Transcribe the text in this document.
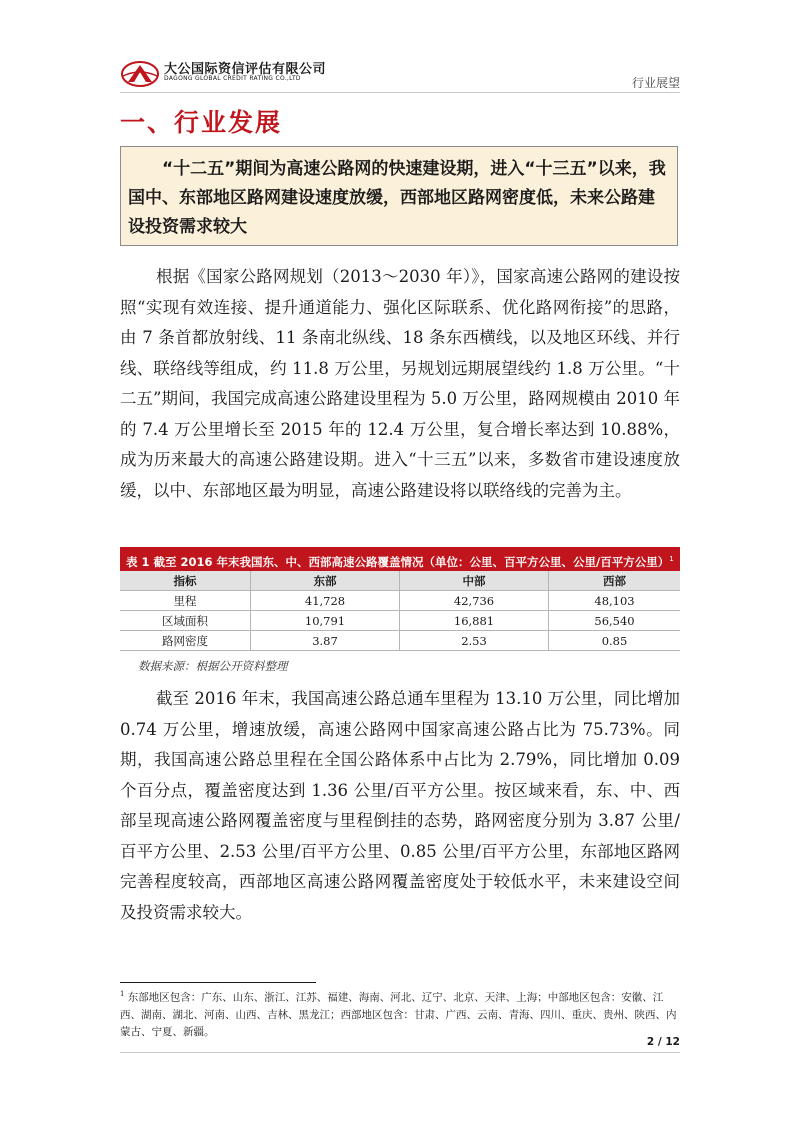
大公国际资信评估有限公司
DAGONG GLOBAL CREDIT RATING CO.,LTD	行业展望
一、行业发展
“十二五”期间为高速公路网的快速建设期，进入“十三五”以来，我国中、东部地区路网建设速度放缓，西部地区路网密度低，未来公路建设投资需求较大

根据《国家公路网规划（2013～2030 年）》，国家高速公路网的建设按照“实现有效连接、提升通道能力、强化区际联系、优化路网衔接”的思路，由 7 条首都放射线、11 条南北纵线、18 条东西横线，以及地区环线、并行线、联络线等组成，约 11.8 万公里，另规划远期展望线约 1.8 万公里。“十二五”期间，我国完成高速公路建设里程为 5.0 万公里，路网规模由 2010 年的 7.4 万公里增长至 2015 年的 12.4 万公里，复合增长率达到 10.88%，成为历来最大的高速公路建设期。进入“十三五”以来，多数省市建设速度放缓，以中、东部地区最为明显，高速公路建设将以联络线的完善为主。

表 1 截至 2016 年末我国东、中、西部高速公路覆盖情况（单位：公里、百平方公里、公里/百平方公里）$^1$
指标	东部	中部	西部
里程	41,728	42,736	48,103
区域面积	10,791	16,881	56,540
路网密度	3.87	2.53	0.85
数据来源：根据公开资料整理

截至 2016 年末，我国高速公路总通车里程为 13.10 万公里，同比增加 0.74 万公里，增速放缓，高速公路网中国家高速公路占比为 75.73%。同期，我国高速公路总里程在全国公路体系中占比为 2.79%，同比增加 0.09 个百分点，覆盖密度达到 1.36 公里/百平方公里。按区域来看，东、中、西部呈现高速公路网覆盖密度与里程倒挂的态势，路网密度分别为 3.87 公里/百平方公里、2.53 公里/百平方公里、0.85 公里/百平方公里，东部地区路网完善程度较高，西部地区高速公路网覆盖密度处于较低水平，未来建设空间及投资需求较大。

$^1$ 东部地区包含：广东、山东、浙江、江苏、福建、海南、河北、辽宁、北京、天津、上海；中部地区包含：安徽、江西、湖南、湖北、河南、山西、吉林、黑龙江；西部地区包含：甘肃、广西、云南、青海、四川、重庆、贵州、陕西、内蒙古、宁夏、新疆。
2 / 12
